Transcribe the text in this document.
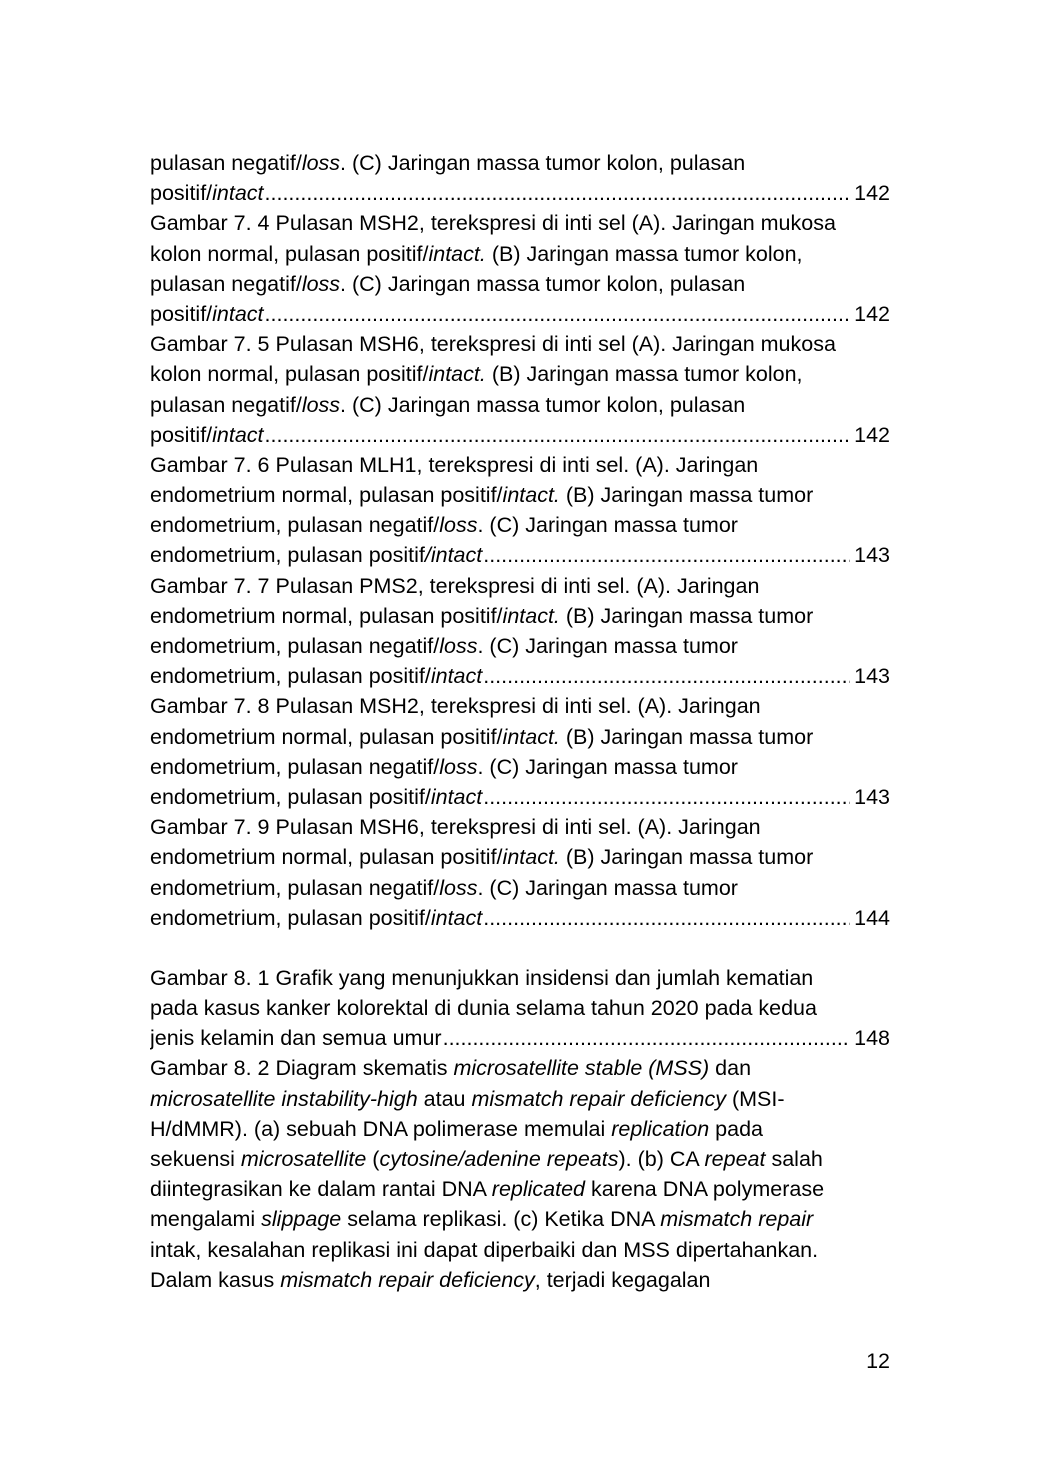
pulasan negatif/loss. (C) Jaringan massa tumor kolon, pulasan
positif/intact .....	142
Gambar 7. 4 Pulasan MSH2, terekspresi di inti sel (A). Jaringan mukosa
kolon normal, pulasan positif/intact. (B) Jaringan massa tumor kolon,
pulasan negatif/loss. (C) Jaringan massa tumor kolon, pulasan
positif/intact .....	142
Gambar 7. 5 Pulasan MSH6, terekspresi di inti sel (A). Jaringan mukosa
kolon normal, pulasan positif/intact. (B) Jaringan massa tumor kolon,
pulasan negatif/loss. (C) Jaringan massa tumor kolon, pulasan
positif/intact .....	142
Gambar 7. 6 Pulasan MLH1, terekspresi di inti sel. (A). Jaringan
endometrium normal, pulasan positif/intact. (B) Jaringan massa tumor
endometrium, pulasan negatif/loss. (C) Jaringan massa tumor
endometrium, pulasan positif/intact .....	143
Gambar 7. 7 Pulasan PMS2, terekspresi di inti sel. (A). Jaringan
endometrium normal, pulasan positif/intact. (B) Jaringan massa tumor
endometrium, pulasan negatif/loss. (C) Jaringan massa tumor
endometrium, pulasan positif/intact .....	143
Gambar 7. 8 Pulasan MSH2, terekspresi di inti sel. (A). Jaringan
endometrium normal, pulasan positif/intact. (B) Jaringan massa tumor
endometrium, pulasan negatif/loss. (C) Jaringan massa tumor
endometrium, pulasan positif/intact .....	143
Gambar 7. 9 Pulasan MSH6, terekspresi di inti sel. (A). Jaringan
endometrium normal, pulasan positif/intact. (B) Jaringan massa tumor
endometrium, pulasan negatif/loss. (C) Jaringan massa tumor
endometrium, pulasan positif/intact .....	144
Gambar 8. 1 Grafik yang menunjukkan insidensi dan jumlah kematian
pada kasus kanker kolorektal di dunia selama tahun 2020 pada kedua
jenis kelamin dan semua umur .....	148
Gambar 8. 2 Diagram skematis microsatellite stable (MSS) dan
microsatellite instability-high atau mismatch repair deficiency (MSI-
H/dMMR). (a) sebuah DNA polimerase memulai replication pada
sekuensi microsatellite (cytosine/adenine repeats). (b) CA repeat salah
diintegrasikan ke dalam rantai DNA replicated karena DNA polymerase
mengalami slippage selama replikasi. (c) Ketika DNA mismatch repair
intak, kesalahan replikasi ini dapat diperbaiki dan MSS dipertahankan.
Dalam kasus mismatch repair deficiency, terjadi kegagalan
12
